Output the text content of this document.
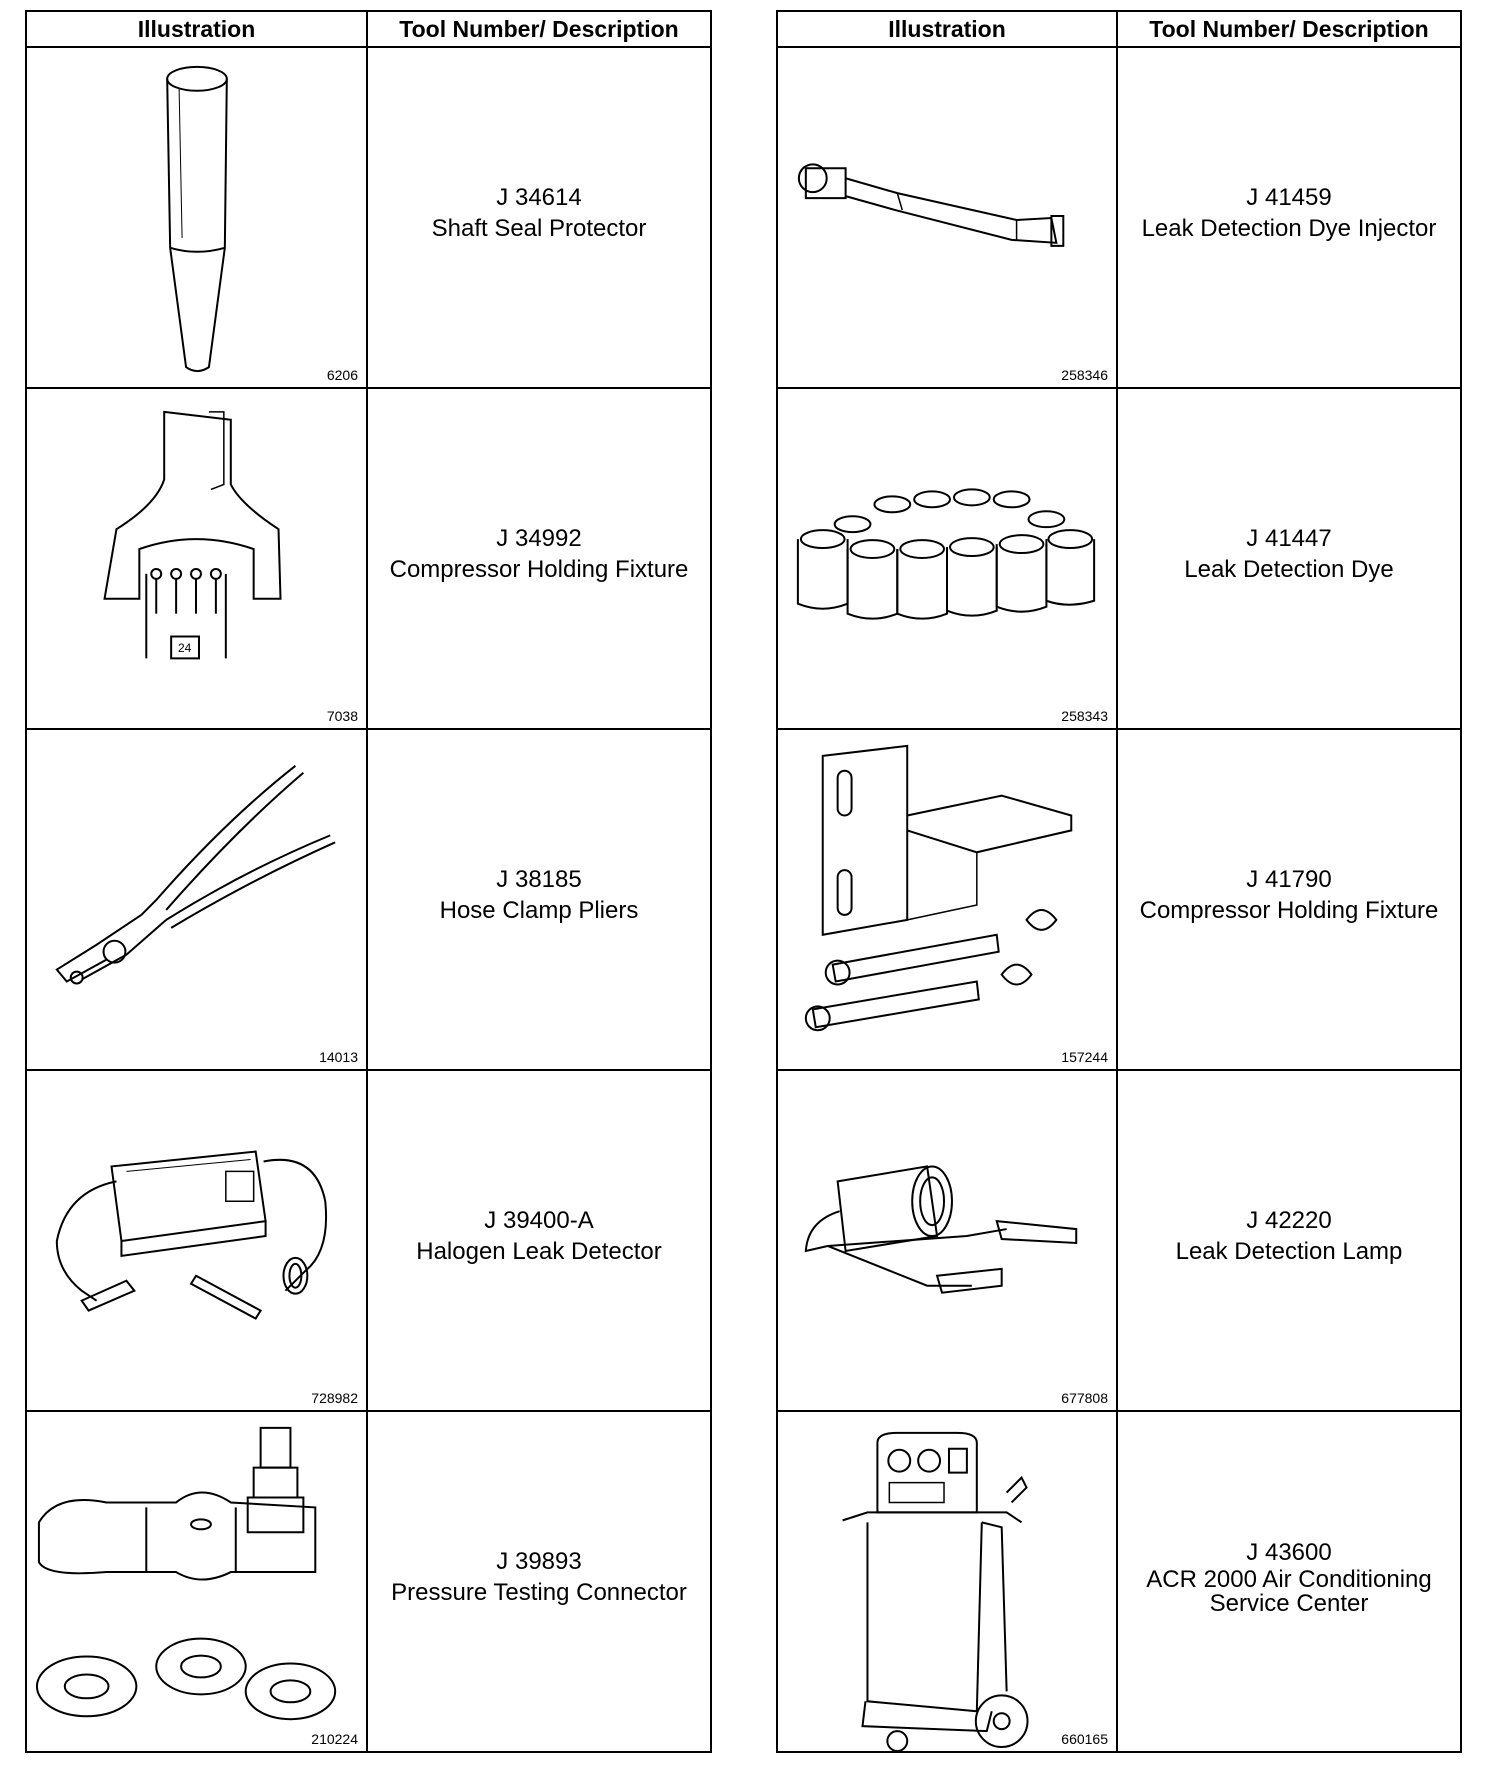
Illustration	Tool Number/ Description

6206	J 34614
Shaft Seal Protector

24
7038	J 34992
Compressor Holding Fixture

14013	J 38185
Hose Clamp Pliers

728982	J 39400-A
Halogen Leak Detector

210224	J 39893
Pressure Testing Connector
Illustration	Tool Number/ Description

258346	J 41459
Leak Detection Dye Injector

258343	J 41447
Leak Detection Dye

157244	J 41790
Compressor Holding Fixture

677808	J 42220
Leak Detection Lamp

660165	J 43600
ACR 2000 Air Conditioning Service Center
